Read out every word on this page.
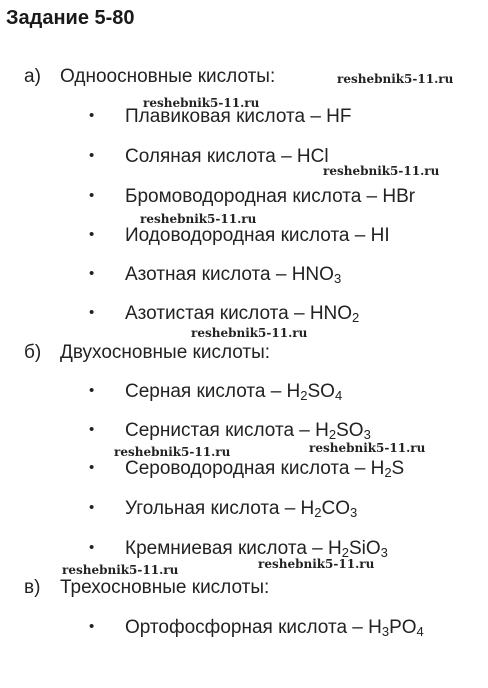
Задание 5-80
а) Одноосновные кислоты:
• Плавиковая кислота – HF
• Соляная кислота – HCl
• Бромоводородная кислота – HBr
• Иодоводородная кислота – HI
• Азотная кислота – $HNO_3$
• Азотистая кислота – $HNO_2$
б) Двухосновные кислоты:
• Серная кислота – $H_2SO_4$
• Сернистая кислота – $H_2SO_3$
• Сероводородная кислота – $H_2S$
• Угольная кислота – $H_2CO_3$
• Кремниевая кислота – $H_2SiO_3$
в) Трехосновные кислоты:
• Ортофосфорная кислота – $H_3PO_4$
reshebnik5-11.ru
reshebnik5-11.ru
reshebnik5-11.ru
reshebnik5-11.ru
reshebnik5-11.ru
reshebnik5-11.ru
reshebnik5-11.ru
reshebnik5-11.ru	reshebnik5-11.ru
